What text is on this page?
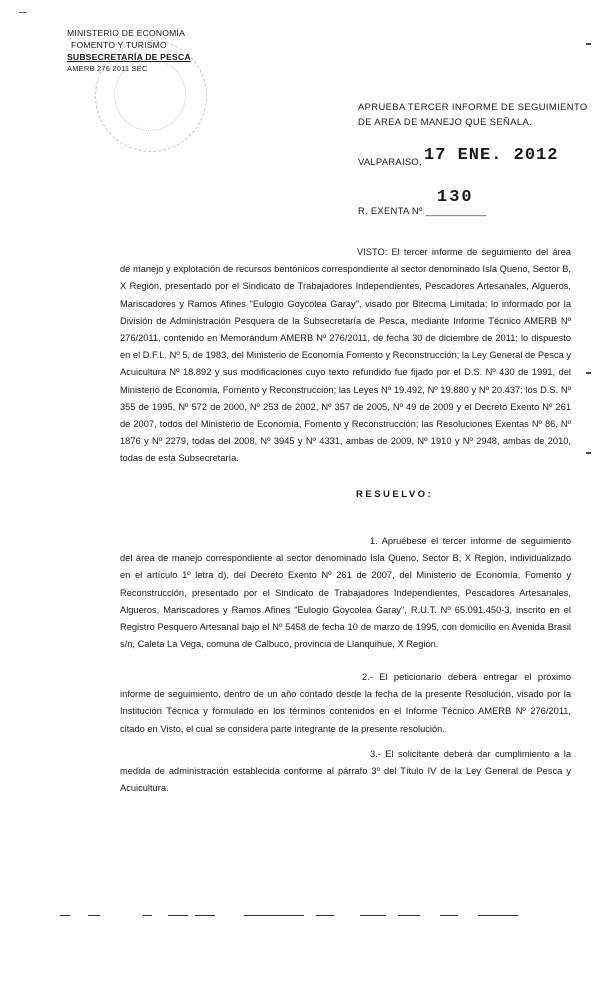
MINISTERIO DE ECONOMÍA
FOMENTO Y TURISMO
SUBSECRETARÍA DE PESCA
AMERB 276 2011 SEC
APRUEBA TERCER INFORME DE SEGUIMIENTO
DE AREA DE MANEJO QUE SEÑALA.
VALPARAISO, 17 ENE. 2012
130
R. EXENTA Nº ___________
VISTO: El tercer informe de seguimiento del área de manejo y explotación de recursos bentónicos correspondiente al sector denominado Isla Queno, Sector B, X Región, presentado por el Sindicato de Trabajadores Independientes, Pescadores Artesanales, Algueros, Mariscadores y Ramos Afines "Eulogio Goycolea Garay", visado por Bitecma Limitada; lo informado por la División de Administración Pesquera de la Subsecretaría de Pesca, mediante Informe Técnico AMERB Nº 276/2011, contenido en Memorándum AMERB Nº 276/2011, de fecha 30 de diciembre de 2011; lo dispuesto en el D.F.L. Nº 5, de 1983, del Ministerio de Economía Fomento y Reconstrucción; la Ley General de Pesca y Acuicultura Nº 18.892 y sus modificaciones cuyo texto refundido fue fijado por el D.S. Nº 430 de 1991, del Ministerio de Economía, Fomento y Reconstrucción; las Leyes Nº 19.492, Nº 19.880 y Nº 20.437; los D.S. Nº 355 de 1995, Nº 572 de 2000, Nº 253 de 2002, Nº 357 de 2005, Nº 49 de 2009 y el Decreto Exento Nº 261 de 2007, todos del Ministerio de Economía, Fomento y Reconstrucción; las Resoluciones Exentas Nº 86, Nº 1876 y Nº 2279, todas del 2008, Nº 3945 y Nº 4331, ambas de 2009, Nº 1910 y Nº 2948, ambas de 2010, todas de esta Subsecretaría.
RESUELVO:
1. Apruébese el tercer informe de seguimiento del área de manejo correspondiente al sector denominado Isla Queno, Sector B, X Región, individualizado en el artículo 1º letra d), del Decreto Exento Nº 261 de 2007, del Ministerio de Economía, Fomento y Reconstrucción, presentado por el Sindicato de Trabajadores Independientes, Pescadores Artesanales, Algueros, Mariscadores y Ramos Afines "Eulogio Goycolea Garay", R.U.T. Nº 65.091.450-3, inscrito en el Registro Pesquero Artesanal bajo el Nº 5458 de fecha 10 de marzo de 1995, con domicilio en Avenida Brasil s/n, Caleta La Vega, comuna de Calbuco, provincia de Llanquihue, X Región.
2.- El peticionario deberá entregar el próximo informe de seguimiento, dentro de un año contado desde la fecha de la presente Resolución, visado por la Institución Técnica y formulado en los términos contenidos en el Informe Técnico AMERB Nº 276/2011, citado en Visto, el cual se considera parte integrante de la presente resolución.
3.- El solicitante deberá dar cumplimiento a la medida de administración establecida conforme al párrafo 3º del Título IV de la Ley General de Pesca y Acuicultura.
